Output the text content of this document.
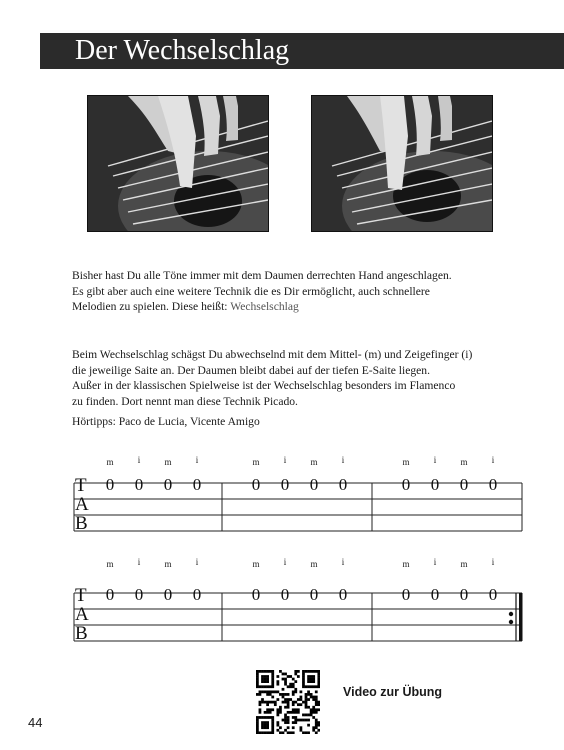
Der Wechselschlag

Bisher hast Du alle Töne immer mit dem Daumen derrechten Hand angeschlagen.
Es gibt aber auch eine weitere Technik die es Dir ermöglicht, auch schnellere
Melodien zu spielen. Diese heißt: Wechselschlag

Beim Wechselschlag schägst Du abwechselnd mit dem Mittel- (m) und Zeigefinger (i)
die jeweilige Saite an. Der Daumen bleibt dabei auf der tiefen E-Saite liegen.
Außer in der klassischen Spielweise ist der Wechselschlag besonders im Flamenco
zu finden. Dort nennt man diese Technik Picado.

Hörtipps: Paco de Lucia, Vicente Amigo

T
A
B
m
0
i
0
m
0
i
0
m
0
i
0
m
0
i
0
m
0
i
0
m
0
i
0
T
A
B
m
0
i
0
m
0
i
0
m
0
i
0
m
0
i
0
m
0
i
0
m
0
i
0
Video zur Übung
44
